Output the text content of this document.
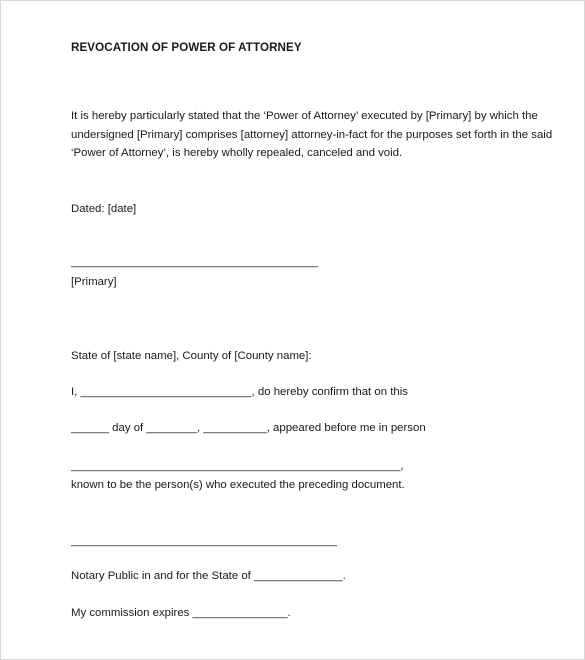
REVOCATION OF POWER OF ATTORNEY

It is hereby particularly stated that the ‘Power of Attorney’ executed by [Primary] by which the

undersigned [Primary] comprises [attorney] attorney-in-fact for the purposes set forth in the said

‘Power of Attorney’, is hereby wholly repealed, canceled and void.

Dated: [date]

_______________________________________

[Primary]

State of [state name], County of [County name]:

I, ___________________________, do hereby confirm that on this

______ day of ________, __________, appeared before me in person

____________________________________________________,

known to be the person(s) who executed the preceding document.

__________________________________________

Notary Public in and for the State of ______________.

My commission expires _______________.
